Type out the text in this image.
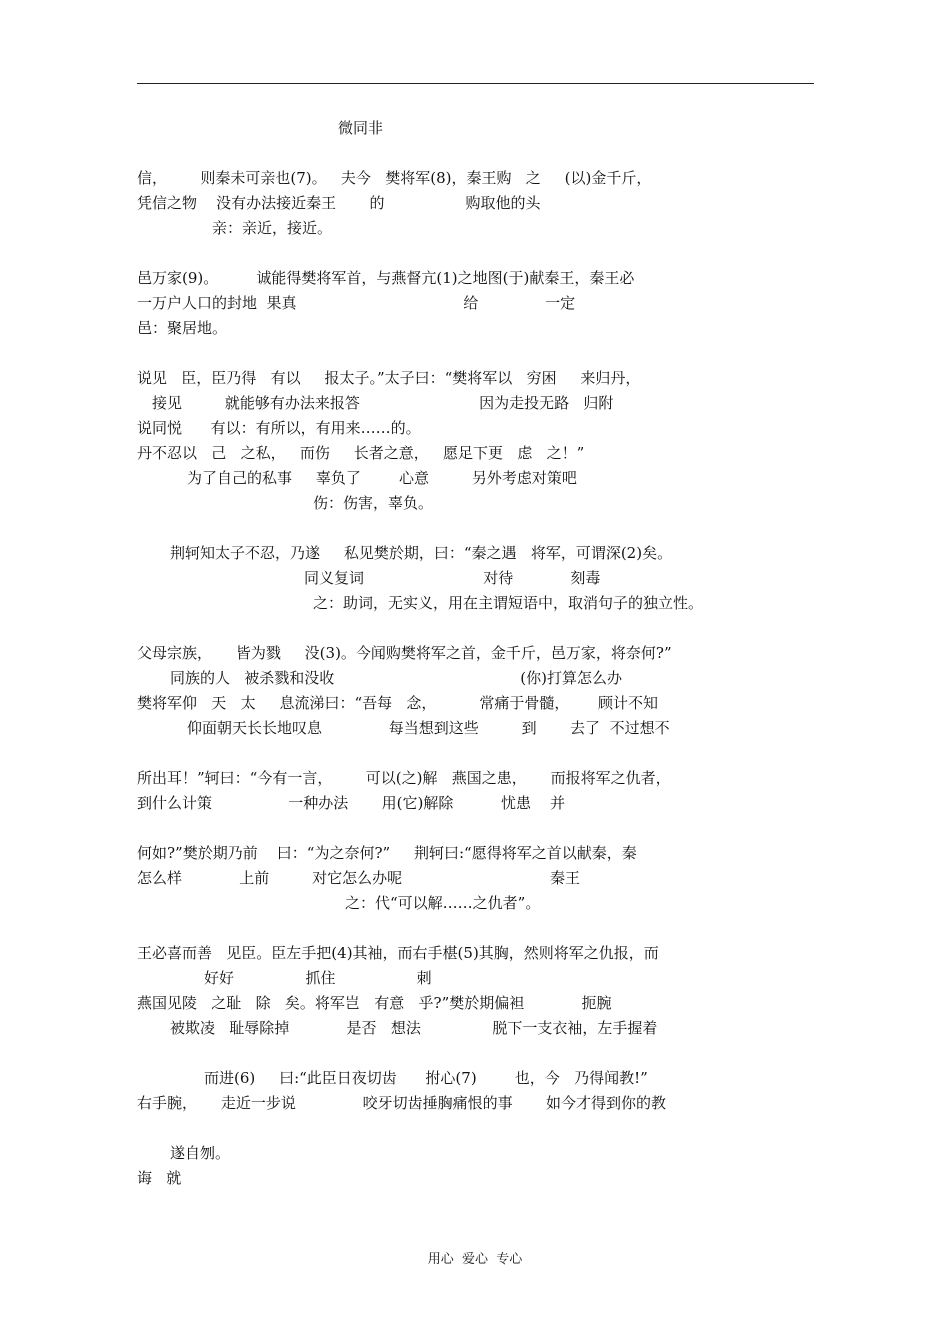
微同非
信，       则秦未可亲也(7)。   夫今   樊将军(8)，秦王购   之     (以)金千斤，
凭信之物    没有办法接近秦王       的                 购取他的头
亲：亲近，接近。
邑万家(9)。        诚能得樊将军首，与燕督亢(1)之地图(于)献秦王，秦王必
一万户人口的封地  果真                                   给              一定
邑：聚居地。
说见   臣，臣乃得   有以     报太子。”太子曰：“樊将军以   穷困     来归丹，
接见         就能够有办法来报答                         因为走投无路   归附
说同悦      有以：有所以，有用来……的。
丹不忍以   己   之私，   而伤     长者之意，   愿足下更   虑   之！”
为了自己的私事     辜负了        心意         另外考虑对策吧
伤：伤害，辜负。
荆轲知太子不忍，乃遂     私见樊於期，曰：“秦之遇   将军，可谓深(2)矣。
同义复词                         对待            刻毒
之：助词，无实义，用在主谓短语中，取消句子的独立性。
父母宗族，     皆为戮     没(3)。今闻购樊将军之首，金千斤，邑万家，将奈何?”
同族的人   被杀戮和没收                                       (你)打算怎么办
樊将军仰   天   太     息流涕曰：“吾每   念，         常痛于骨髓，      顾计不知
仰面朝天长长地叹息              每当想到这些         到       去了  不过想不
所出耳！”轲曰：“今有一言，       可以(之)解   燕国之患，     而报将军之仇者，
到什么计策                一种办法       用(它)解除          忧患    并
何如?”樊於期乃前    曰：“为之奈何?”     荆轲曰:“愿得将军之首以献秦，秦
怎么样            上前         对它怎么办呢                               秦王
之：代“可以解……之仇者”。
王必喜而善   见臣。臣左手把(4)其袖，而右手椹(5)其胸，然则将军之仇报，而
好好               抓住                 刺
燕国见陵   之耻   除   矣。将军岂   有意   乎?”樊於期偏袒            扼腕
被欺凌   耻辱除掉            是否   想法               脱下一支衣袖，左手握着
而进(6)     曰:“此臣日夜切齿      拊心(7)        也，今   乃得闻教!”
右手腕，     走近一步说              咬牙切齿捶胸痛恨的事       如今才得到你的教
遂自刎。
诲   就
用心  爱心  专心
